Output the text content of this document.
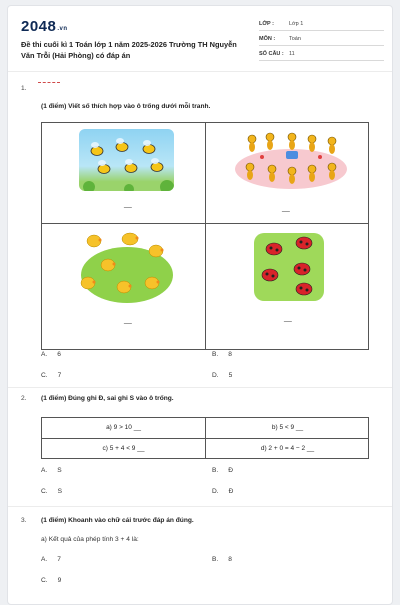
2048.vn
Đề thi cuối kì 1 Toán lớp 1 năm 2025-2026 Trường TH Nguyễn Văn Trỗi (Hải Phòng) có đáp án
LỚP :	Lớp 1
MÔN :	Toán
SỐ CÂU : 11
1.
(1 điểm) Viết số thích hợp vào ô trống dưới mỗi tranh.
__
__
__	__
A. 6	B. 8
C. 7	D. 5
2. (1 điểm) Đúng ghi Đ, sai ghi S vào ô trống.
a) 9 > 10 __	b) 5 < 9 __
c) 5 + 4 < 9 __	d) 2 + 0 = 4 − 2 __
A. S	B. Đ
C. S	D. Đ
3. (1 điểm) Khoanh vào chữ cái trước đáp án đúng.
a) Kết quả của phép tính 3 + 4 là:
A. 7	B. 8
C. 9
